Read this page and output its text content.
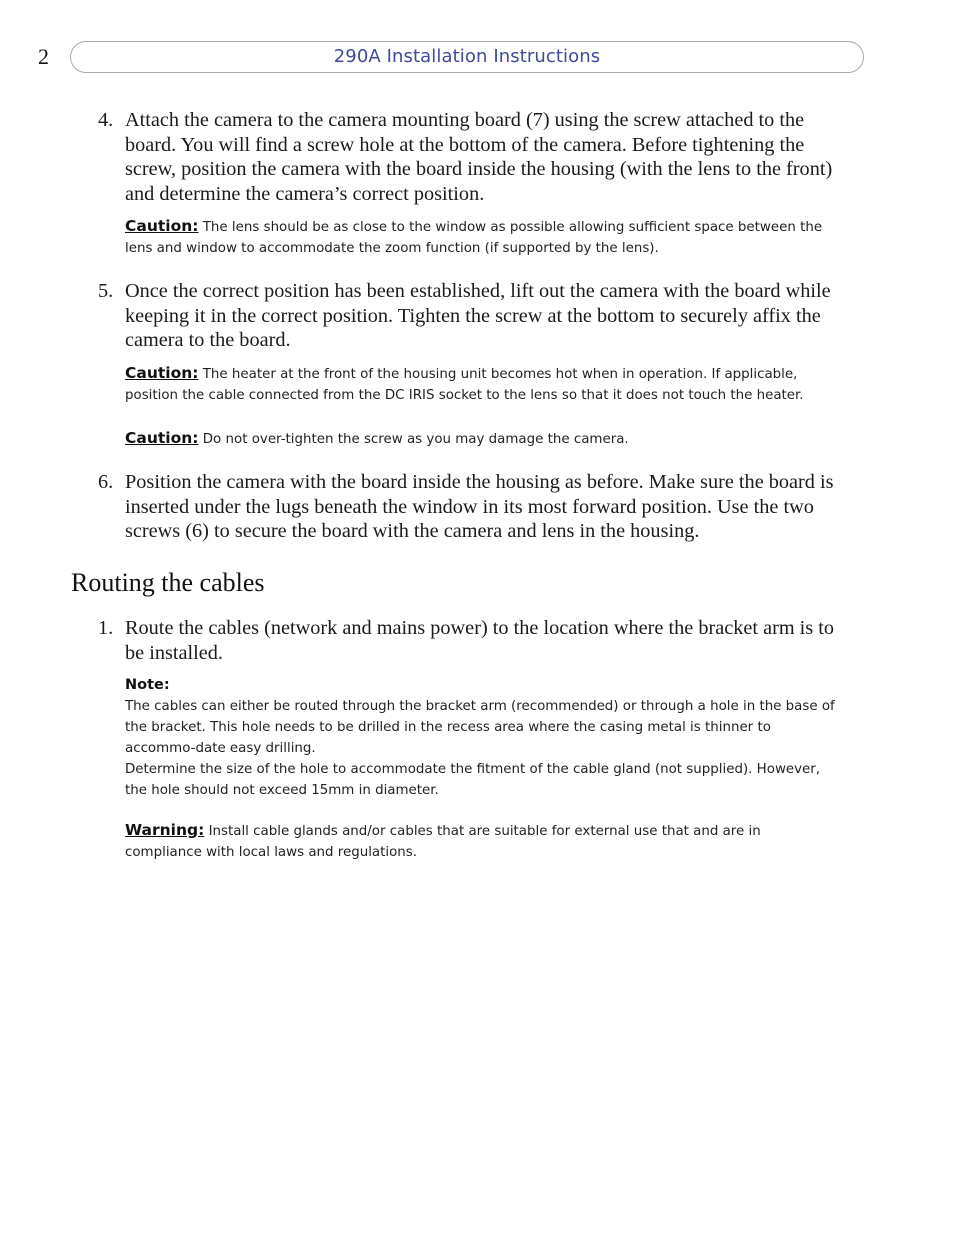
2	290A Installation Instructions
4. Attach the camera to the camera mounting board (7) using the screw attached to the board. You will find a screw hole at the bottom of the camera. Before tightening the screw, position the camera with the board inside the housing (with the lens to the front) and determine the camera’s correct position.
Caution: The lens should be as close to the window as possible allowing sufficient space between the lens and window to accommodate the zoom function (if supported by the lens).
5. Once the correct position has been established, lift out the camera with the board while keeping it in the correct position. Tighten the screw at the bottom to securely affix the camera to the board.
Caution: The heater at the front of the housing unit becomes hot when in operation. If applicable, position the cable connected from the DC IRIS socket to the lens so that it does not touch the heater.
Caution: Do not over-tighten the screw as you may damage the camera.
6. Position the camera with the board inside the housing as before. Make sure the board is inserted under the lugs beneath the window in its most forward position. Use the two screws (6) to secure the board with the camera and lens in the housing.
Routing the cables
1. Route the cables (network and mains power) to the location where the bracket arm is to be installed.
Note:
The cables can either be routed through the bracket arm (recommended) or through a hole in the base of the bracket. This hole needs to be drilled in the recess area where the casing metal is thinner to accommo-date easy drilling.
Determine the size of the hole to accommodate the fitment of the cable gland (not supplied). However, the hole should not exceed 15mm in diameter.
Warning: Install cable glands and/or cables that are suitable for external use that and are in compliance with local laws and regulations.
